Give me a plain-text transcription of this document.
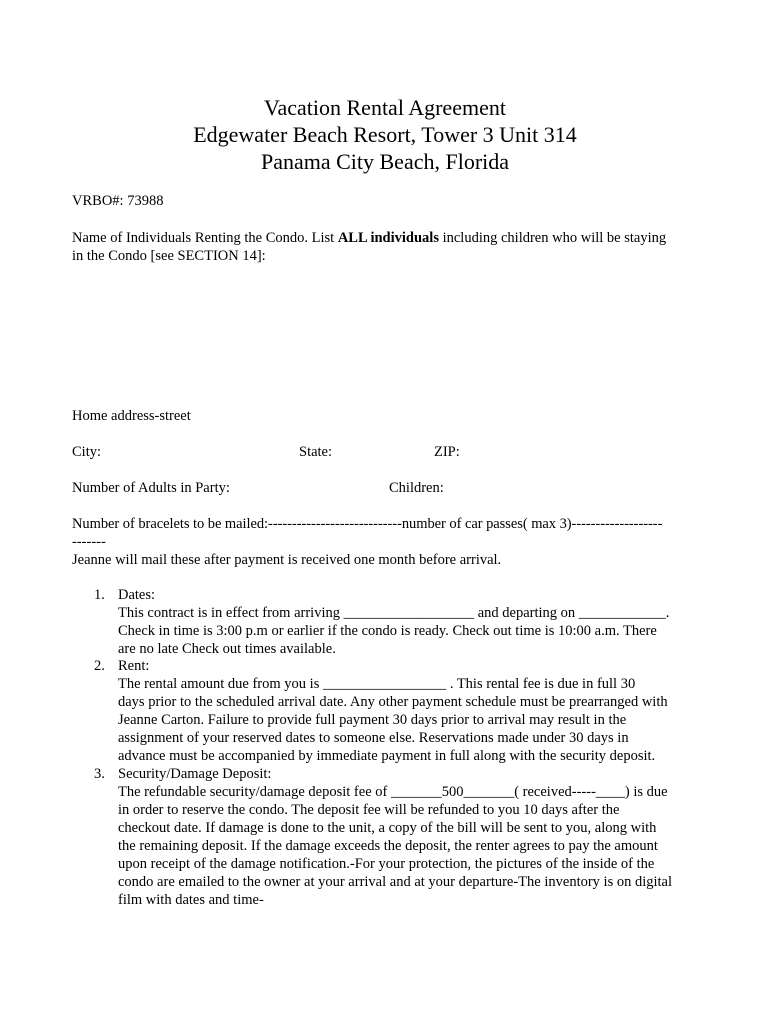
Vacation Rental Agreement
Edgewater Beach Resort, Tower 3 Unit 314
Panama City Beach, Florida
VRBO#: 73988
Name of Individuals Renting the Condo. List ALL individuals including children who will be staying
in the Condo [see SECTION 14]:
Home address-street
City:	State:	ZIP:
Number of Adults in Party:	Children:
Number of bracelets to be mailed:----------------------------number of car passes( max 3)-------------------
-------
Jeanne will mail these after payment is received one month before arrival.
1. Dates:
This contract is in effect from arriving __________________ and departing on ____________.
Check in time is 3:00 p.m or earlier if the condo is ready. Check out time is 10:00 a.m. There
are no late Check out times available.
2. Rent:
The rental amount due from you is _________________ . This rental fee is due in full 30
days prior to the scheduled arrival date. Any other payment schedule must be prearranged with
Jeanne Carton. Failure to provide full payment 30 days prior to arrival may result in the
assignment of your reserved dates to someone else. Reservations made under 30 days in
advance must be accompanied by immediate payment in full along with the security deposit.
3. Security/Damage Deposit:
The refundable security/damage deposit fee of _______500_______( received-----____) is due
in order to reserve the condo. The deposit fee will be refunded to you 10 days after the
checkout date. If damage is done to the unit, a copy of the bill will be sent to you, along with
the remaining deposit. If the damage exceeds the deposit, the renter agrees to pay the amount
upon receipt of the damage notification.-For your protection, the pictures of the inside of the
condo are emailed to the owner at your arrival and at your departure-The inventory is on digital
film with dates and time-
